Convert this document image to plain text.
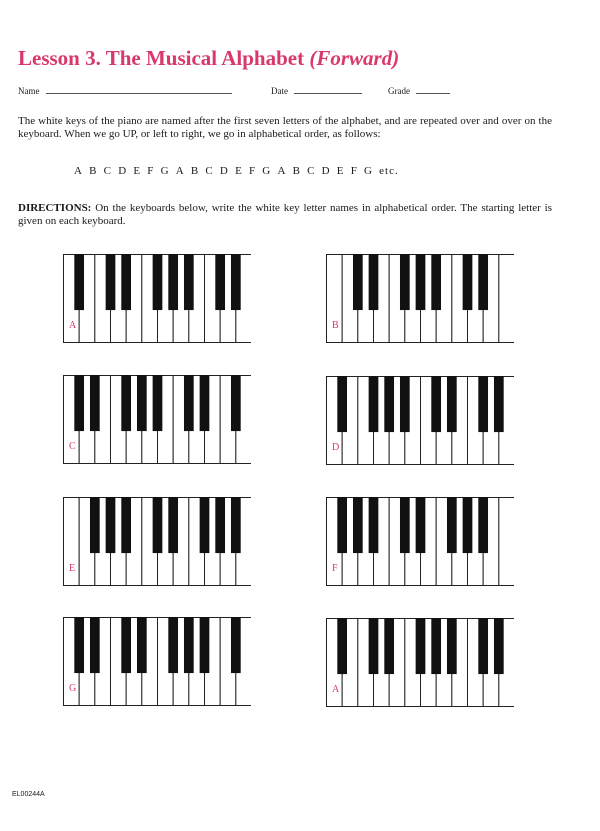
Lesson 3. The Musical Alphabet (Forward)
Name	Date	Grade

The white keys of the piano are named after the first seven letters of the alphabet, and are repeated over and over on the keyboard. When we go UP, or left to right, we go in alphabetical order, as follows:

A B C D E F G A B C D E F G A B C D E F G etc.

DIRECTIONS: On the keyboards below, write the white key letter names in alphabetical order. The starting letter is given on each keyboard.

A	B
C	D
E	F
G	A

EL00244A
